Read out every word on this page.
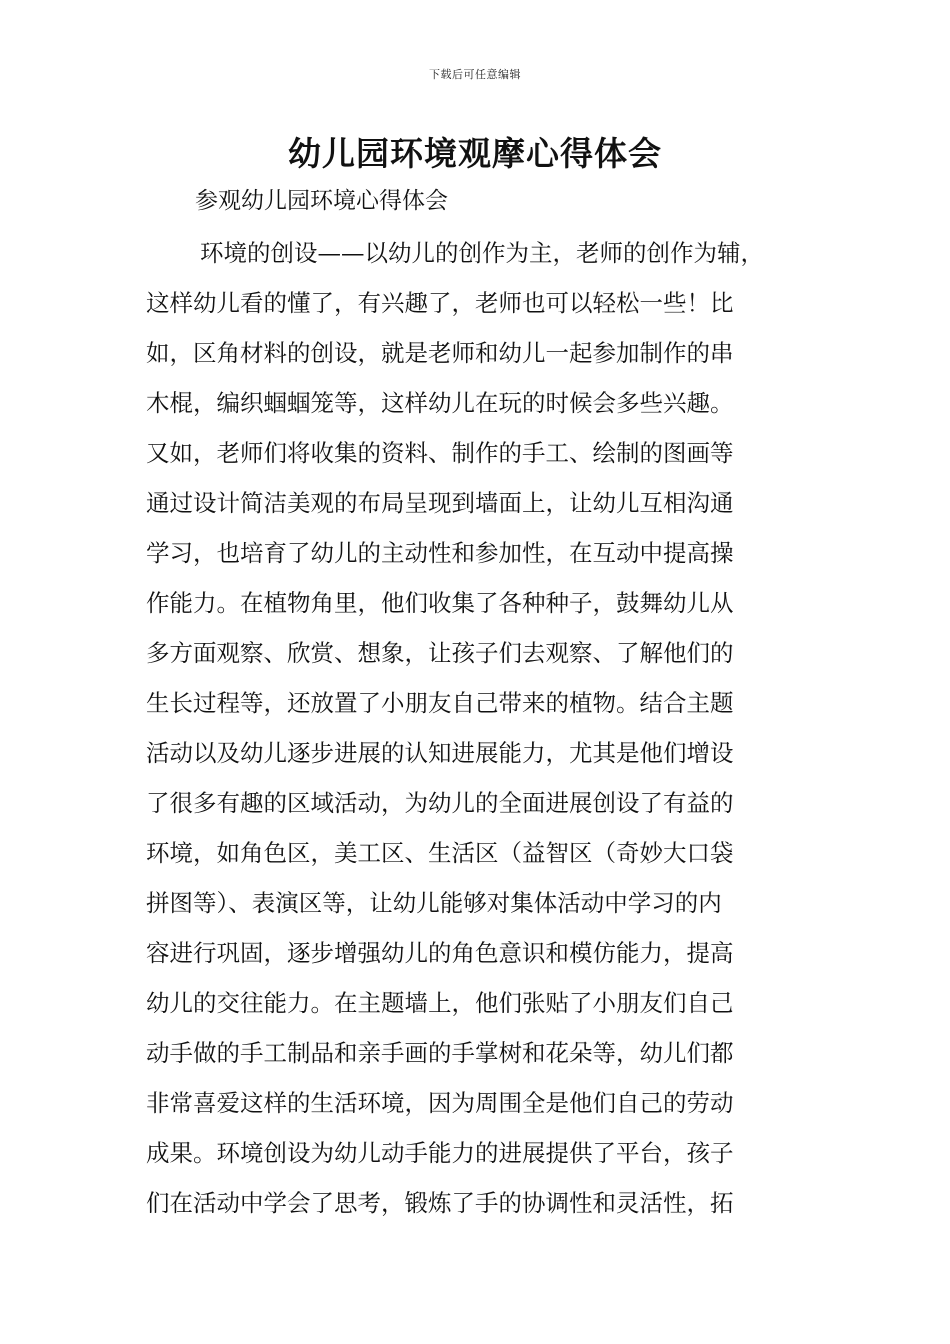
下载后可任意编辑
幼儿园环境观摩心得体会

参观幼儿园环境心得体会

环境的创设——以幼儿的创作为主，老师的创作为辅，
这样幼儿看的懂了，有兴趣了，老师也可以轻松一些！比
如，区角材料的创设，就是老师和幼儿一起参加制作的串
木棍，编织蝈蝈笼等，这样幼儿在玩的时候会多些兴趣。
又如，老师们将收集的资料、制作的手工、绘制的图画等
通过设计简洁美观的布局呈现到墙面上，让幼儿互相沟通
学习，也培育了幼儿的主动性和参加性，在互动中提高操
作能力。在植物角里，他们收集了各种种子，鼓舞幼儿从
多方面观察、欣赏、想象，让孩子们去观察、了解他们的
生长过程等，还放置了小朋友自己带来的植物。结合主题
活动以及幼儿逐步进展的认知进展能力，尤其是他们增设
了很多有趣的区域活动，为幼儿的全面进展创设了有益的
环境，如角色区，美工区、生活区（益智区（奇妙大口袋
拼图等）、表演区等，让幼儿能够对集体活动中学习的内
容进行巩固，逐步增强幼儿的角色意识和模仿能力，提高
幼儿的交往能力。在主题墙上，他们张贴了小朋友们自己
动手做的手工制品和亲手画的手掌树和花朵等，幼儿们都
非常喜爱这样的生活环境，因为周围全是他们自己的劳动
成果。环境创设为幼儿动手能力的进展提供了平台，孩子
们在活动中学会了思考，锻炼了手的协调性和灵活性，拓
